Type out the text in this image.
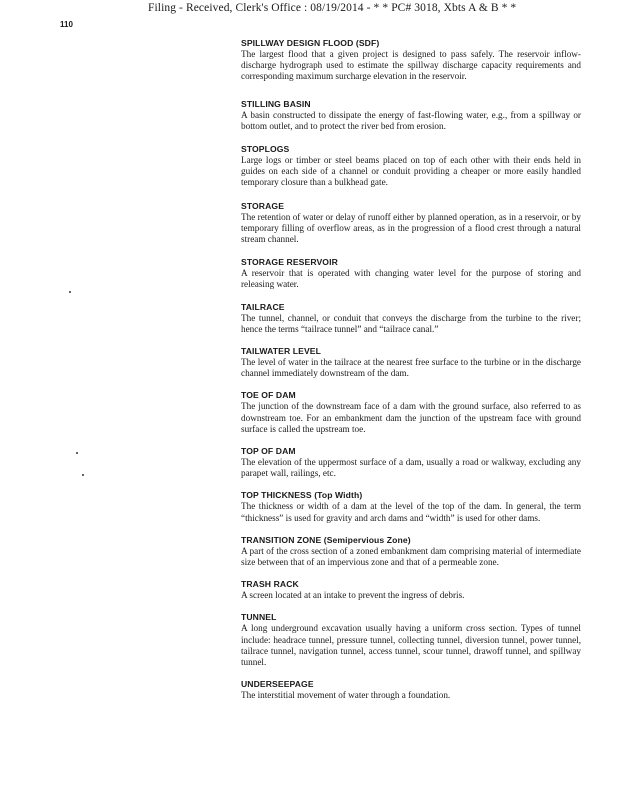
Filing - Received, Clerk's Office : 08/19/2014 - * * PC# 3018, Xbts A & B * *
110
SPILLWAY DESIGN FLOOD (SDF)
The largest flood that a given project is designed to pass safely. The reservoir inflow-discharge hydrograph used to estimate the spillway discharge capacity requirements and corresponding maximum surcharge elevation in the reservoir.
STILLING BASIN
A basin constructed to dissipate the energy of fast-flowing water, e.g., from a spillway or bottom outlet, and to protect the river bed from erosion.
STOPLOGS
Large logs or timber or steel beams placed on top of each other with their ends held in guides on each side of a channel or conduit providing a cheaper or more easily handled temporary closure than a bulkhead gate.
STORAGE
The retention of water or delay of runoff either by planned operation, as in a reservoir, or by temporary filling of overflow areas, as in the progression of a flood crest through a natural stream channel.
STORAGE RESERVOIR
A reservoir that is operated with changing water level for the purpose of storing and releasing water.
TAILRACE
The tunnel, channel, or conduit that conveys the discharge from the turbine to the river; hence the terms “tailrace tunnel” and “tailrace canal.”
TAILWATER LEVEL
The level of water in the tailrace at the nearest free surface to the turbine or in the discharge channel immediately downstream of the dam.
TOE OF DAM
The junction of the downstream face of a dam with the ground surface, also referred to as downstream toe. For an embankment dam the junction of the upstream face with ground surface is called the upstream toe.
TOP OF DAM
The elevation of the uppermost surface of a dam, usually a road or walkway, excluding any parapet wall, railings, etc.
TOP THICKNESS (Top Width)
The thickness or width of a dam at the level of the top of the dam. In general, the term “thickness” is used for gravity and arch dams and “width” is used for other dams.
TRANSITION ZONE (Semipervious Zone)
A part of the cross section of a zoned embankment dam comprising material of intermediate size between that of an impervious zone and that of a permeable zone.
TRASH RACK
A screen located at an intake to prevent the ingress of debris.
TUNNEL
A long underground excavation usually having a uniform cross section. Types of tunnel include: headrace tunnel, pressure tunnel, collecting tunnel, diversion tunnel, power tunnel, tailrace tunnel, navigation tunnel, access tunnel, scour tunnel, drawoff tunnel, and spillway tunnel.
UNDERSEEPAGE
The interstitial movement of water through a foundation.
